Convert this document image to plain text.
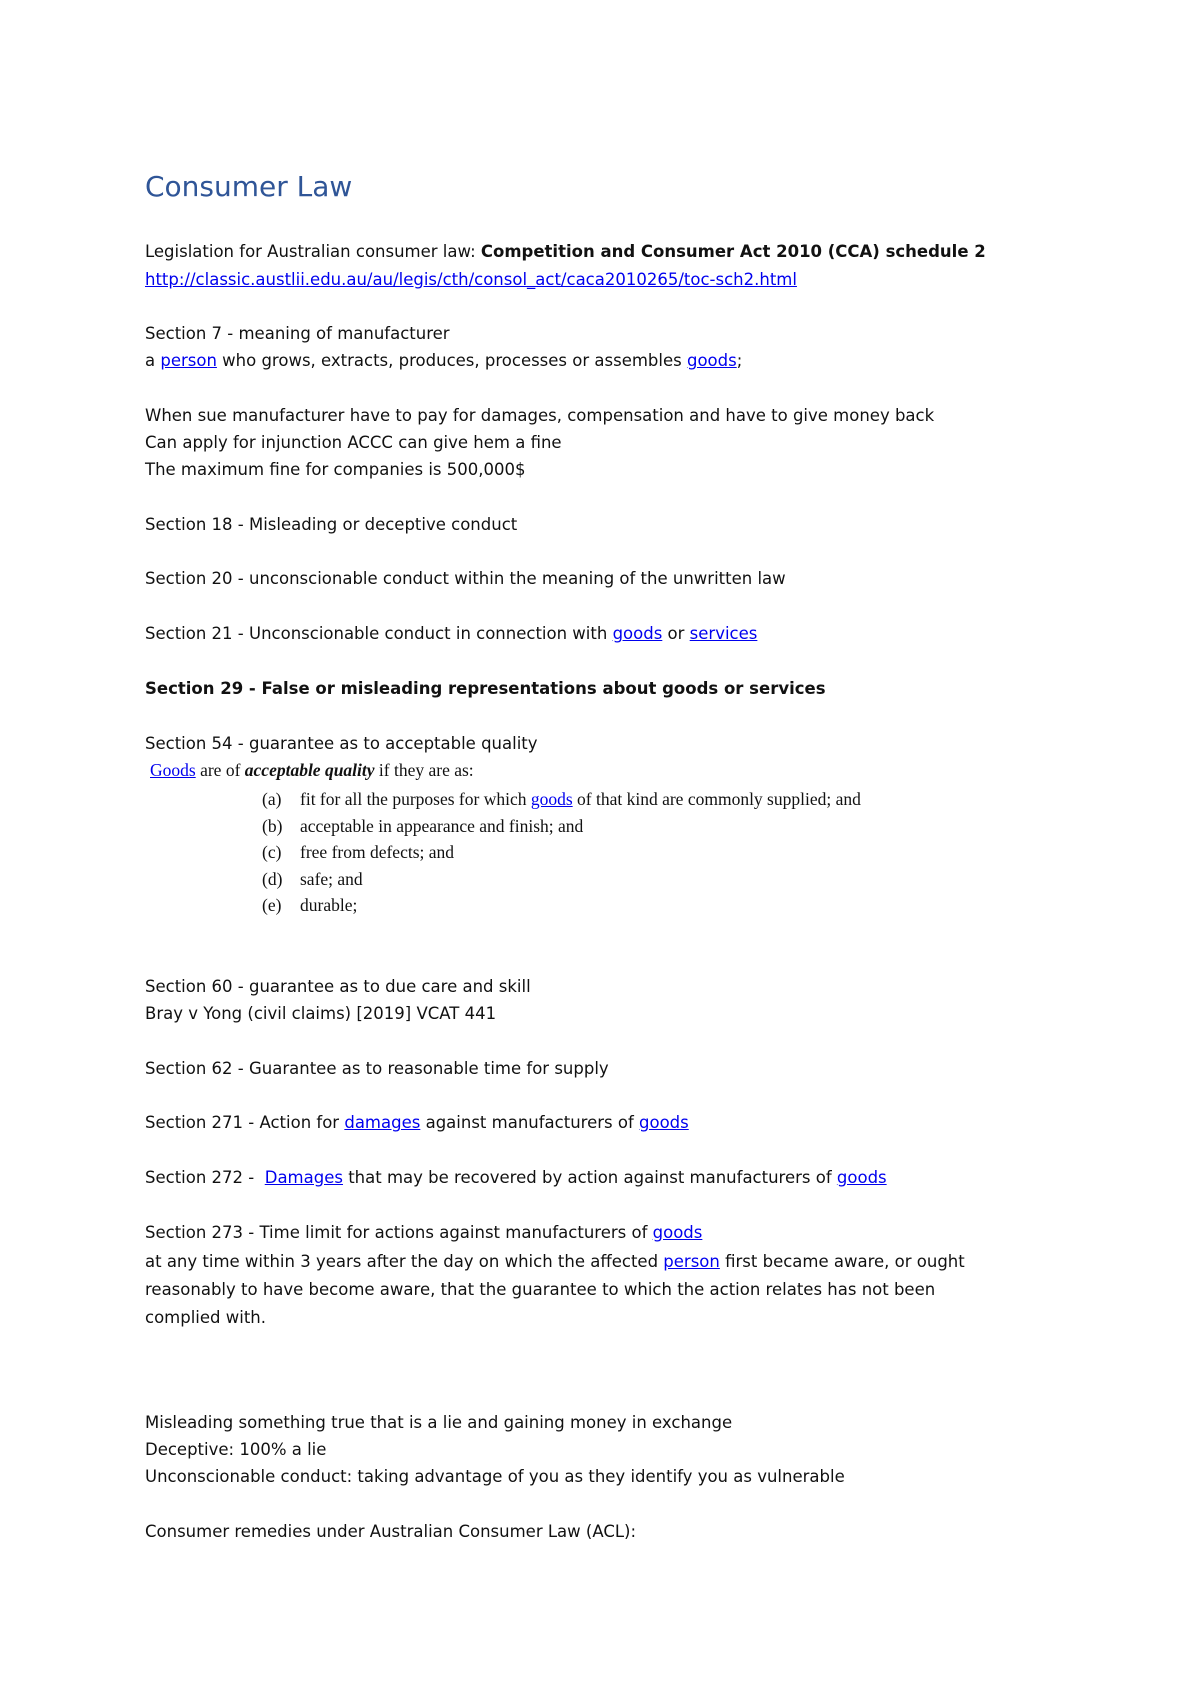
Consumer Law
Legislation for Australian consumer law: Competition and Consumer Act 2010 (CCA) schedule 2
http://classic.austlii.edu.au/au/legis/cth/consol_act/caca2010265/toc-sch2.html
Section 7 - meaning of manufacturer
a person who grows, extracts, produces, processes or assembles goods;
When sue manufacturer have to pay for damages, compensation and have to give money back
Can apply for injunction ACCC can give hem a fine
The maximum fine for companies is 500,000$
Section 18 - Misleading or deceptive conduct
Section 20 - unconscionable conduct within the meaning of the unwritten law
Section 21 - Unconscionable conduct in connection with goods or services
Section 29 - False or misleading representations about goods or services
Section 54 - guarantee as to acceptable quality
Goods are of acceptable quality if they are as:
(a) fit for all the purposes for which goods of that kind are commonly supplied; and
(b) acceptable in appearance and finish; and
(c) free from defects; and
(d) safe; and
(e) durable;
Section 60 - guarantee as to due care and skill
Bray v Yong (civil claims) [2019] VCAT 441
Section 62 - Guarantee as to reasonable time for supply
Section 271 - Action for damages against manufacturers of goods
Section 272 -  Damages that may be recovered by action against manufacturers of goods
Section 273 - Time limit for actions against manufacturers of goods
at any time within 3 years after the day on which the affected person first became aware, or ought
reasonably to have become aware, that the guarantee to which the action relates has not been
complied with.
Misleading something true that is a lie and gaining money in exchange
Deceptive: 100% a lie
Unconscionable conduct: taking advantage of you as they identify you as vulnerable
Consumer remedies under Australian Consumer Law (ACL):
